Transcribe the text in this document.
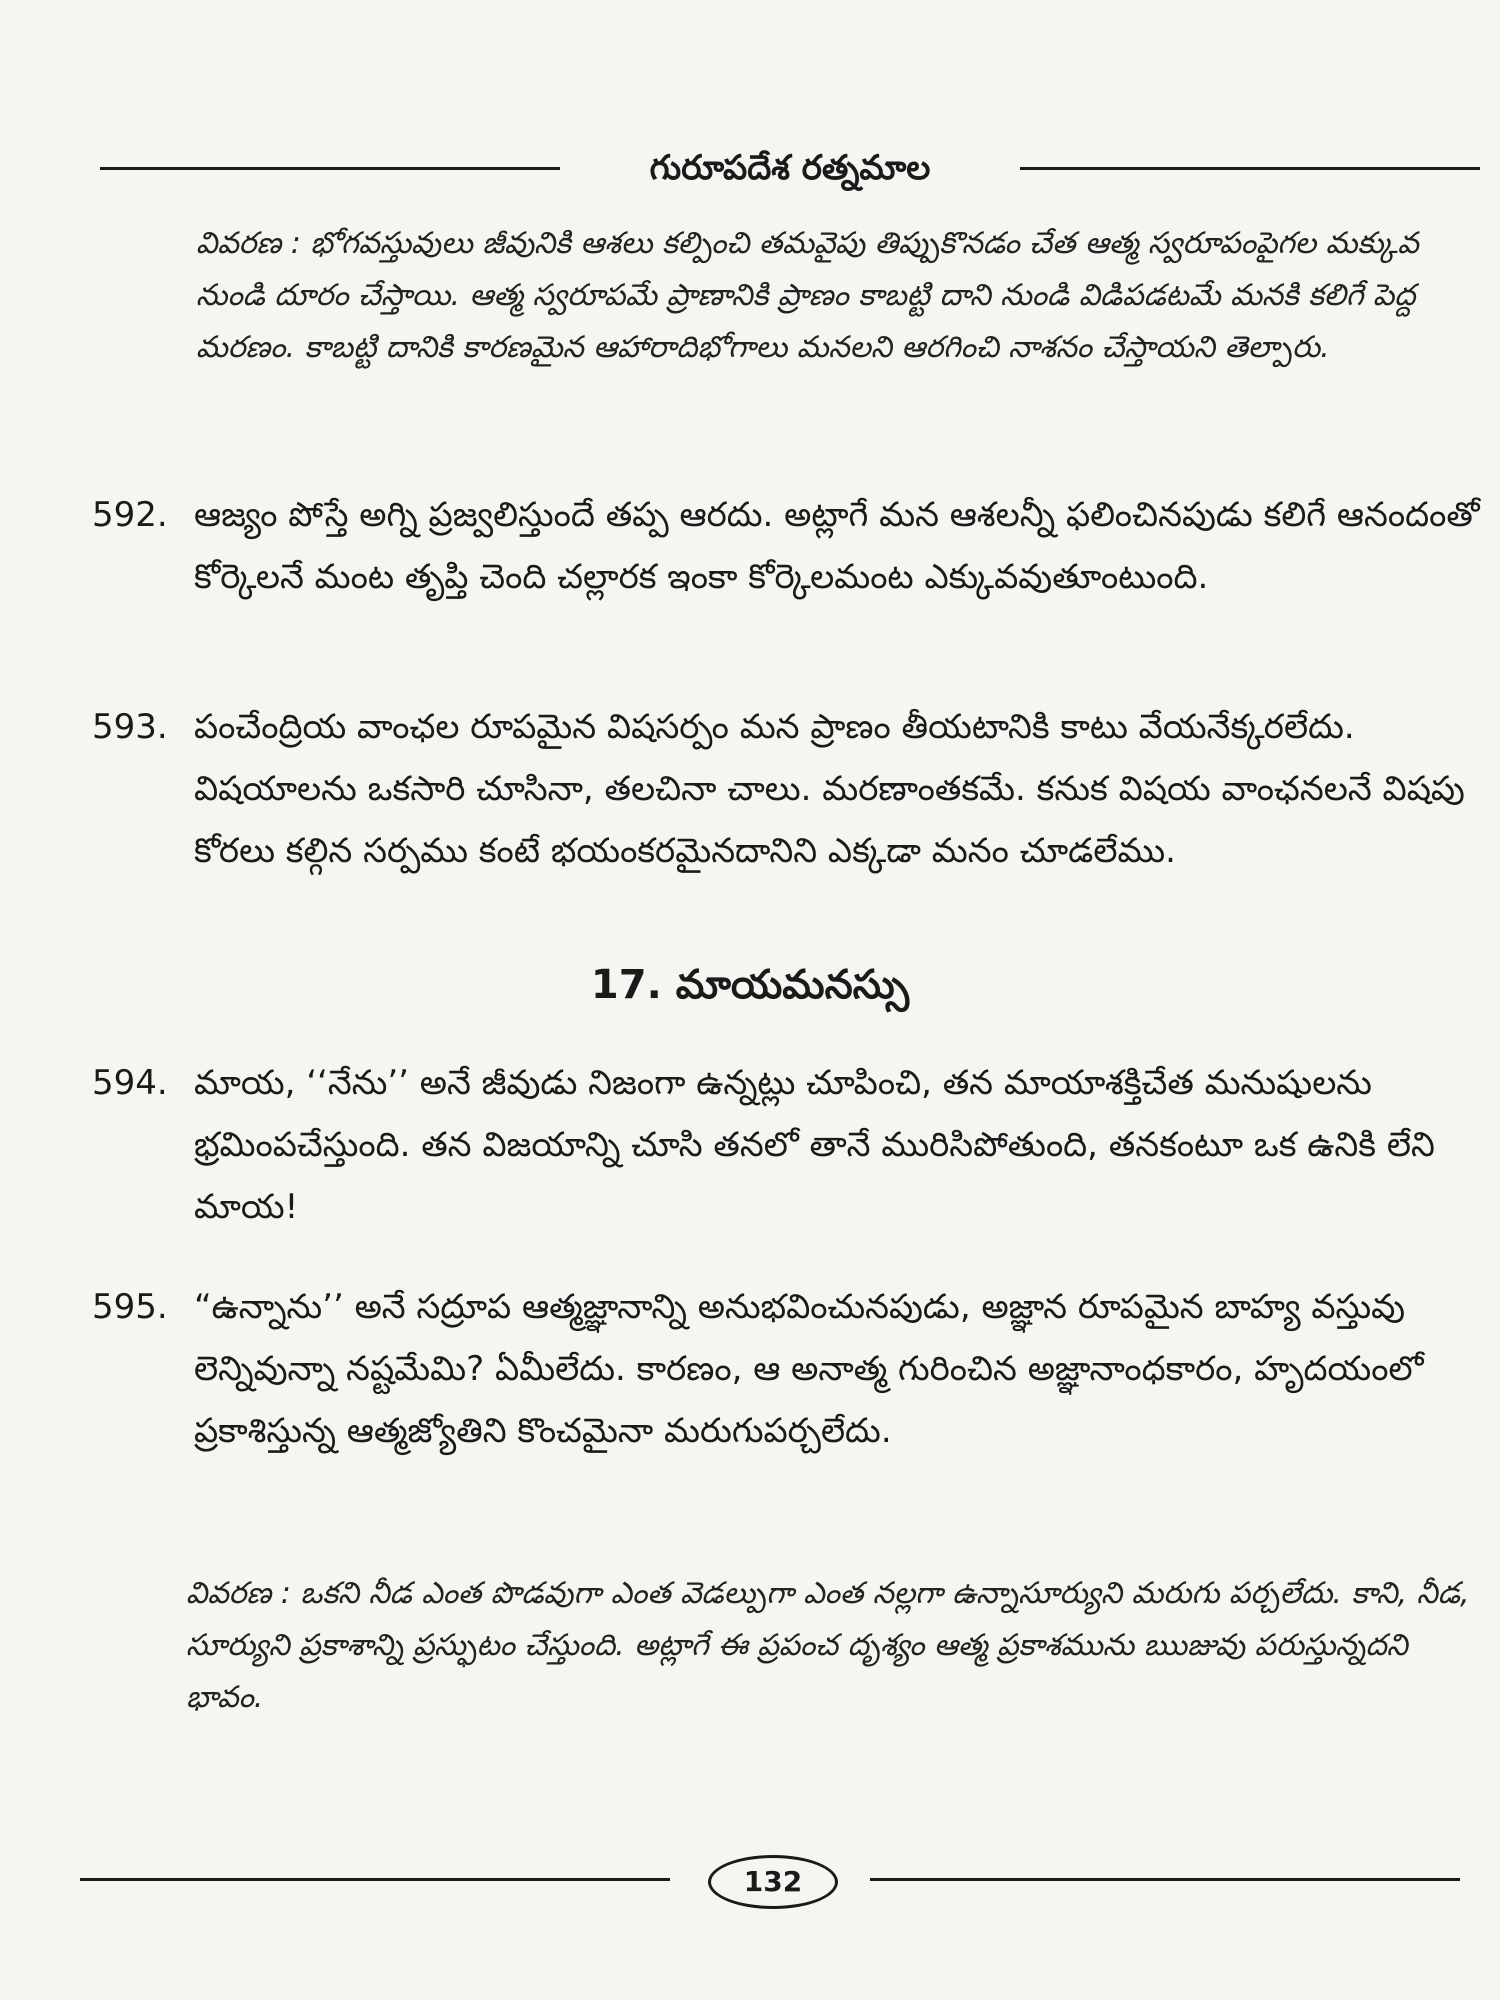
గురూపదేశ రత్నమాల
వివరణ : భోగవస్తువులు జీవునికి ఆశలు కల్పించి తమవైపు తిప్పుకొనడం చేత ఆత్మ స్వరూపంపైగల మక్కువ నుండి దూరం చేస్తాయి. ఆత్మ స్వరూపమే ప్రాణానికి ప్రాణం కాబట్టి దాని నుండి విడిపడటమే మనకి కలిగే పెద్ద మరణం. కాబట్టి దానికి కారణమైన ఆహారాదిభోగాలు మనలని ఆరగించి నాశనం చేస్తాయని తెల్పారు.
592. ఆజ్యం పోస్తే అగ్ని ప్రజ్వలిస్తుందే తప్ప ఆరదు. అట్లాగే మన ఆశలన్నీ ఫలించినపుడు కలిగే ఆనందంతో కోర్కెలనే మంట తృప్తి చెంది చల్లారక ఇంకా కోర్కెలమంట ఎక్కువవుతూంటుంది.
593. పంచేంద్రియ వాంఛల రూపమైన విషసర్పం మన ప్రాణం తీయటానికి కాటు వేయనేక్కరలేదు. విషయాలను ఒకసారి చూసినా, తలచినా చాలు. మరణాంతకమే. కనుక విషయ వాంఛనలనే విషపు కోరలు కల్గిన సర్పము కంటే భయంకరమైనదానిని ఎక్కడా మనం చూడలేము.
17. మాయమనస్సు
594. మాయ, ‘‘నేను’’ అనే జీవుడు నిజంగా ఉన్నట్లు చూపించి, తన మాయాశక్తిచేత మనుషులను భ్రమింపచేస్తుంది. తన విజయాన్ని చూసి తనలో తానే మురిసిపోతుంది, తనకంటూ ఒక ఉనికి లేని మాయ!
595. “ఉన్నాను’’ అనే సద్రూప ఆత్మజ్ఞానాన్ని అనుభవించునపుడు, అజ్ఞాన రూపమైన బాహ్య వస్తువు లెన్నివున్నా నష్టమేమి? ఏమీలేదు. కారణం, ఆ అనాత్మ గురించిన అజ్ఞానాంధకారం, హృదయంలో ప్రకాశిస్తున్న ఆత్మజ్యోతిని కొంచమైనా మరుగుపర్చలేదు.
వివరణ : ఒకని నీడ ఎంత పొడవుగా ఎంత వెడల్పుగా ఎంత నల్లగా ఉన్నాసూర్యుని మరుగు పర్చలేదు. కాని, నీడ, సూర్యుని ప్రకాశాన్ని ప్రస్ఫుటం చేస్తుంది. అట్లాగే ఈ ప్రపంచ దృశ్యం ఆత్మ ప్రకాశమును ఋజువు పరుస్తున్నదని భావం.
132
